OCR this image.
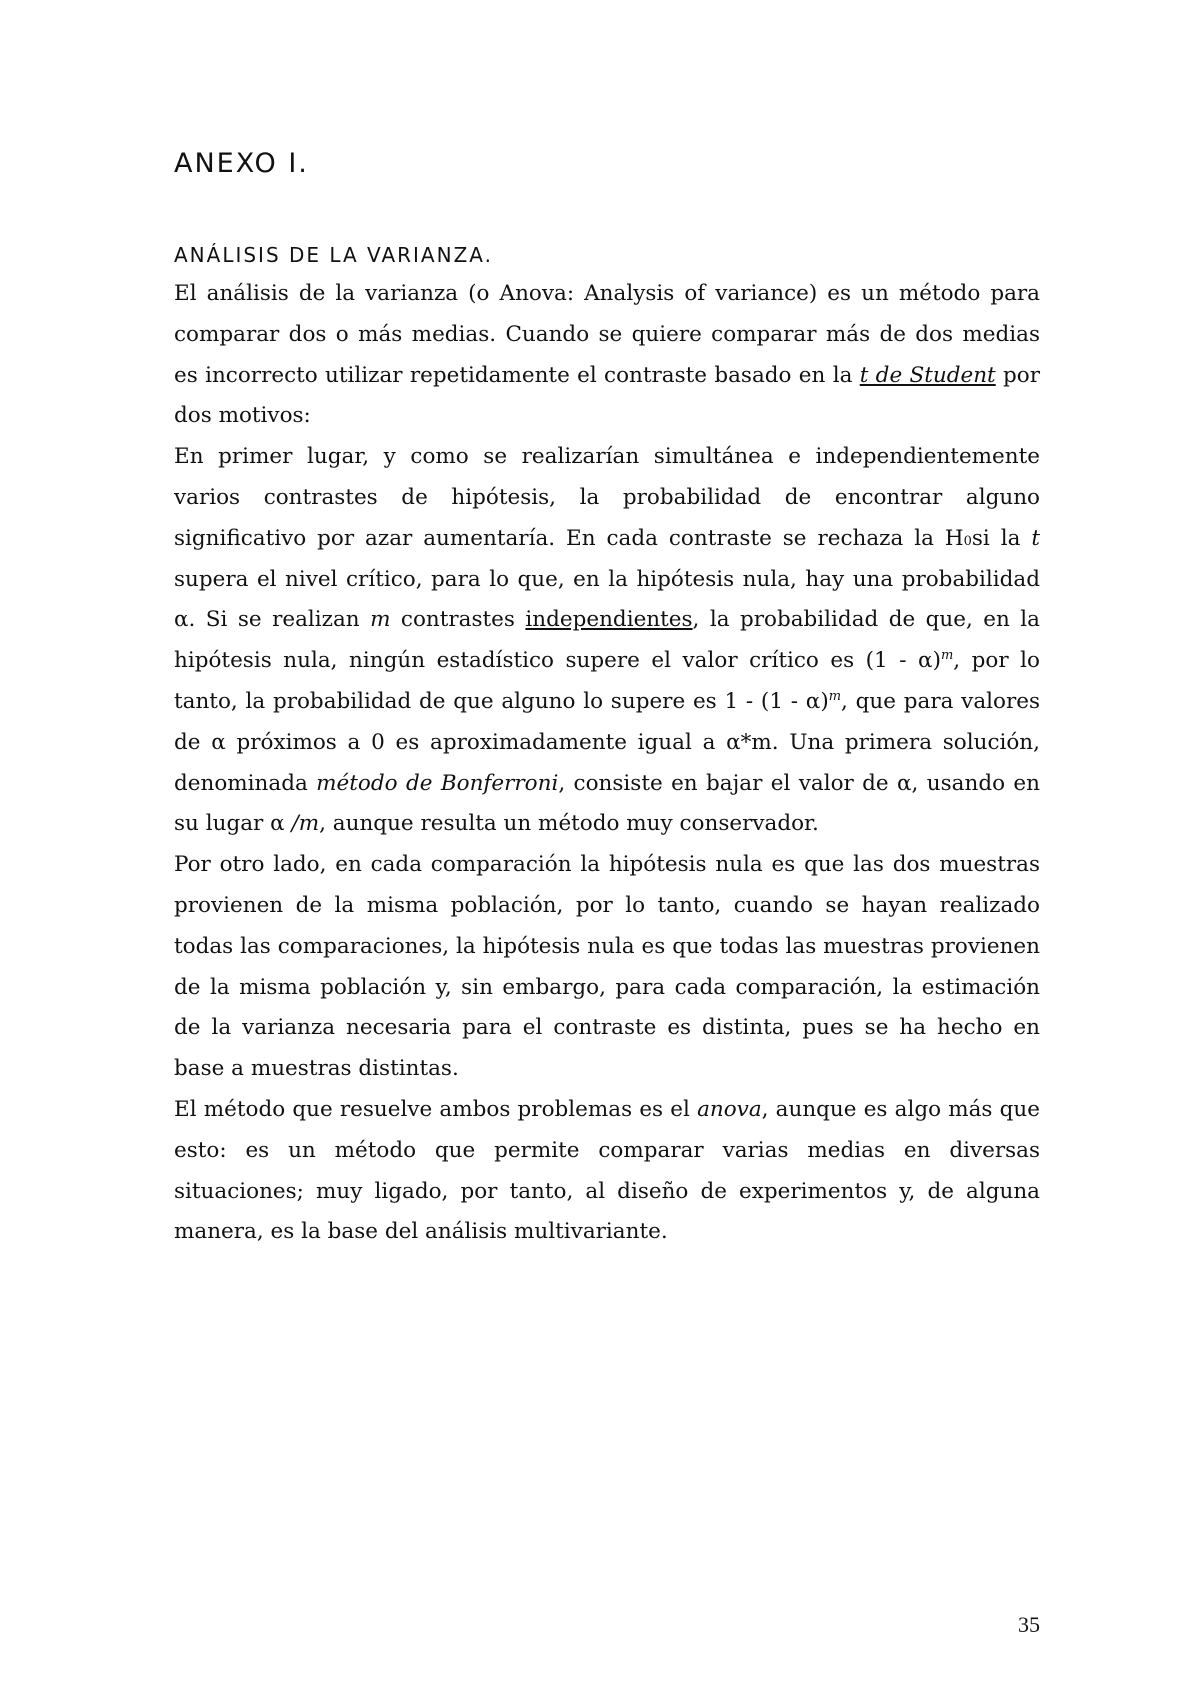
ANEXO I.
ANÁLISIS DE LA VARIANZA.

El análisis de la varianza (o Anova: Analysis of variance) es un método para comparar dos o más medias. Cuando se quiere comparar más de dos medias es incorrecto utilizar repetidamente el contraste basado en la t de Student por dos motivos:

En primer lugar, y como se realizarían simultánea e independientemente varios contrastes de hipótesis, la probabilidad de encontrar alguno significativo por azar aumentaría. En cada contraste se rechaza la H0si la t supera el nivel crítico, para lo que, en la hipótesis nula, hay una probabilidad α. Si se realizan m contrastes independientes, la probabilidad de que, en la hipótesis nula, ningún estadístico supere el valor crítico es (1 - α)$^m$, por lo tanto, la probabilidad de que alguno lo supere es 1 - (1 - α)$^m$, que para valores de α próximos a 0 es aproximadamente igual a α*m. Una primera solución, denominada método de Bonferroni, consiste en bajar el valor de α, usando en su lugar α /m, aunque resulta un método muy conservador.

Por otro lado, en cada comparación la hipótesis nula es que las dos muestras provienen de la misma población, por lo tanto, cuando se hayan realizado todas las comparaciones, la hipótesis nula es que todas las muestras provienen de la misma población y, sin embargo, para cada comparación, la estimación de la varianza necesaria para el contraste es distinta, pues se ha hecho en base a muestras distintas.

El método que resuelve ambos problemas es el anova, aunque es algo más que esto: es un método que permite comparar varias medias en diversas situaciones; muy ligado, por tanto, al diseño de experimentos y, de alguna manera, es la base del análisis multivariante.

35
